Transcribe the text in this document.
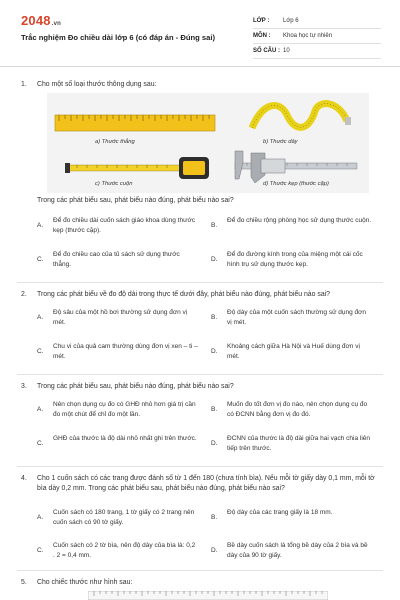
2048.vn
Trắc nghiệm Đo chiều dài lớp 6 (có đáp án - Đúng sai)
LỚP :	Lớp 6
MÔN :	Khoa học tự nhiên
SỐ CÂU : 10
1. Cho một số loại thước thông dụng sau:
a) Thước thẳng	b) Thước dây
c) Thước cuộn	d) Thước kẹp (thước cặp)
Trong các phát biểu sau, phát biểu nào đúng, phát biểu nào sai?
A.
Để đo chiều dài cuốn sách giáo khoa dùng thước kẹp (thước cặp).
B.
Để đo chiều rộng phòng học sử dụng thước cuộn.
C.
Để đo chiều cao của tủ sách sử dụng thước thẳng.
D.
Để đo đường kính trong của miệng một cái cốc hình trụ sử dụng thước kẹp.
2. Trong các phát biểu về đo độ dài trong thực tế dưới đây, phát biểu nào đúng, phát biểu nào sai?
A.
Độ sâu của một hồ bơi thường sử dụng đơn vị mét.
B.
Độ dày của một cuốn sách thường sử dụng đơn vị mét.
C.
Chu vi của quả cam thường dùng đơn vị xen – ti – mét.
D.
Khoảng cách giữa Hà Nội và Huế dùng đơn vị mét.
3. Trong các phát biểu sau, phát biểu nào đúng, phát biểu nào sai?
A.
Nên chọn dụng cụ đo có GHĐ nhỏ hơn giá trị cần đo một chút để chỉ đo một lần.
B.
Muốn đo tốt đơn vị đo nào, nên chọn dụng cụ đo có ĐCNN bằng đơn vị đo đó.
C.
GHĐ của thước là độ dài nhỏ nhất ghi trên thước.
D.
ĐCNN của thước là độ dài giữa hai vạch chia liên tiếp trên thước.
4. Cho 1 cuốn sách có các trang được đánh số từ 1 đến 180 (chưa tính bìa). Nếu mỗi tờ giấy dày 0,1 mm, mỗi tờ bìa dày 0,2 mm. Trong các phát biểu sau, phát biểu nào đúng, phát biểu nào sai?
A.
Cuốn sách có 180 trang, 1 tờ giấy có 2 trang nên cuốn sách có 90 tờ giấy.
B.
Độ dày của các trang giấy là 18 mm.
C.
Cuốn sách có 2 tờ bìa, nên độ dày của bìa là: 0,2 . 2 = 0,4 mm.
D.
Bề dày cuốn sách là tổng bề dày của 2 bìa và bề dày của 90 tờ giấy.
5. Cho chiếc thước như hình sau:
